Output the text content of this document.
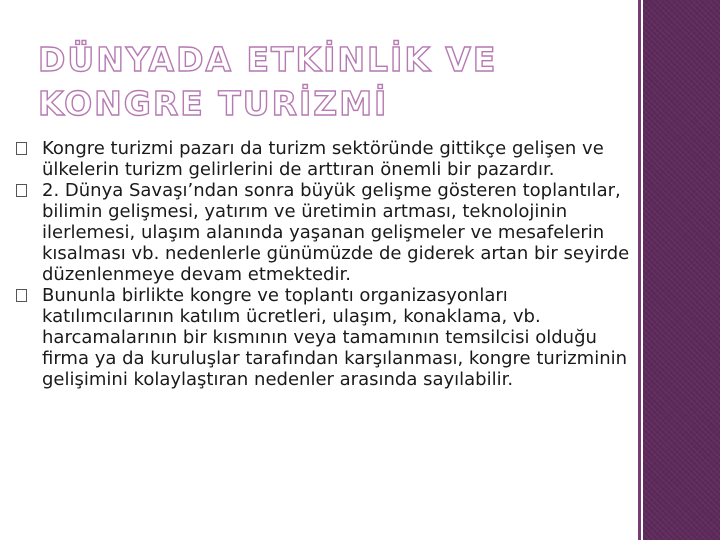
DÜNYADA ETKİNLİK VE KONGRE TURİZMİ
Kongre turizmi pazarı da turizm sektöründe gittikçe gelişen ve ülkelerin turizm gelirlerini de arttıran önemli bir pazardır.
2. Dünya Savaşı’ndan sonra büyük gelişme gösteren toplantılar, bilimin gelişmesi, yatırım ve üretimin artması, teknolojinin ilerlemesi, ulaşım alanında yaşanan gelişmeler ve mesafelerin kısalması vb. nedenlerle günümüzde de giderek artan bir seyirde düzenlenmeye devam etmektedir.
Bununla birlikte kongre ve toplantı organizasyonları katılımcılarının katılım ücretleri, ulaşım, konaklama, vb. harcamalarının bir kısmının veya tamamının temsilcisi olduğu firma ya da kuruluşlar tarafından karşılanması, kongre turizminin gelişimini kolaylaştıran nedenler arasında sayılabilir.
